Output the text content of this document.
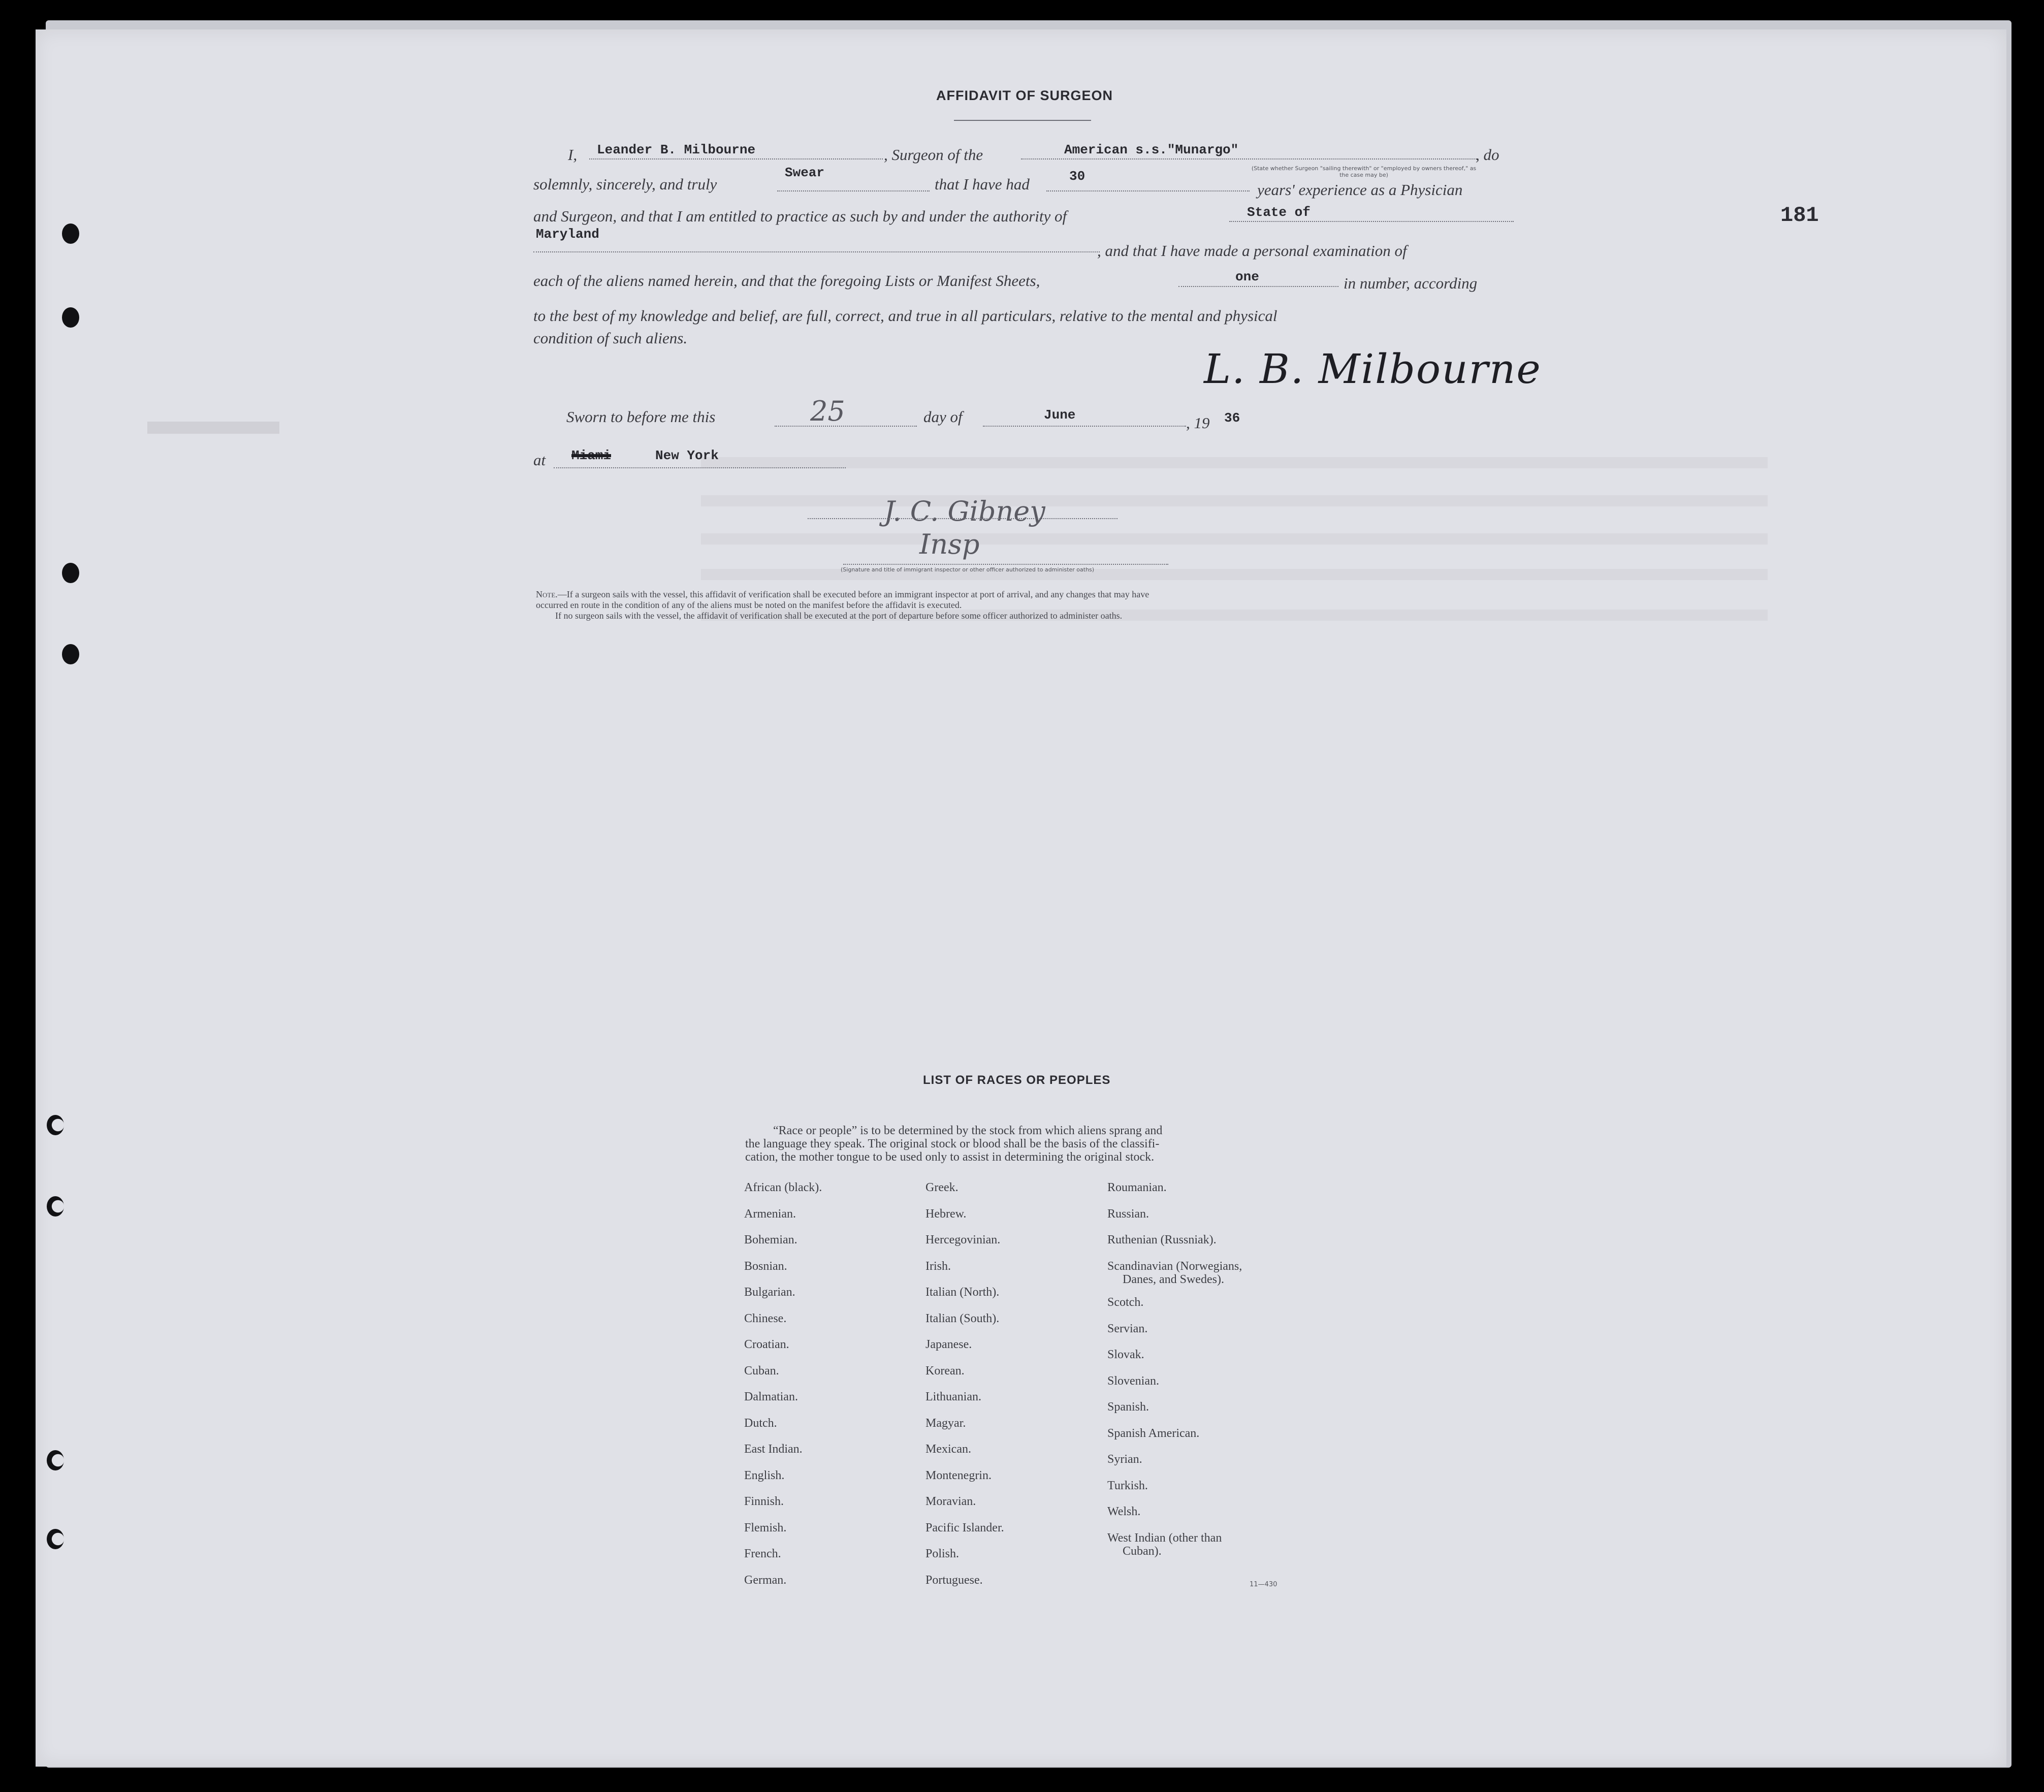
181
AFFIDAVIT OF SURGEON
I, Leander B. Milbourne	, Surgeon of the	American s.s."Munargo"	, do
(State whether Surgeon "sailing therewith" or "employed by owners thereof," as the case may be)
solemnly, sincerely, and truly
Swear
that I have had	30
years' experience as a Physician
and Surgeon, and that I am entitled to practice as such by and under the authority of	State of
Maryland
, and that I have made a personal examination of
each of the aliens named herein, and that the foregoing Lists or Manifest Sheets,	one	in number, according
to the best of my knowledge and belief, are full, correct, and true in all particulars, relative to the mental and physical
condition of such aliens.
L. B. Milbourne
Sworn to before me this	25	day of	June	, 19 36
at Miami	New York
J. C. Gibney
Insp
(Signature and title of immigrant inspector or other officer authorized to administer oaths)
Note.—If a surgeon sails with the vessel, this affidavit of verification shall be executed before an immigrant inspector at port of arrival, and any changes that may have
occurred en route in the condition of any of the aliens must be noted on the manifest before the affidavit is executed.
If no surgeon sails with the vessel, the affidavit of verification shall be executed at the port of departure before some officer authorized to administer oaths.
LIST OF RACES OR PEOPLES
“Race or people” is to be determined by the stock from which aliens sprang and
the language they speak. The original stock or blood shall be the basis of the classifi-
cation, the mother tongue to be used only to assist in determining the original stock.
African (black).
Armenian.
Bohemian.
Bosnian.
Bulgarian.
Chinese.
Croatian.
Cuban.
Dalmatian.
Dutch.
East Indian.
English.
Finnish.
Flemish.
French.
German.
Greek.
Hebrew.
Hercegovinian.
Irish.
Italian (North).
Italian (South).
Japanese.
Korean.
Lithuanian.
Magyar.
Mexican.
Montenegrin.
Moravian.
Pacific Islander.
Polish.
Portuguese.
Roumanian.
Russian.
Ruthenian (Russniak).
Scandinavian (Norwegians,
Danes, and Swedes).
Scotch.
Servian.
Slovak.
Slovenian.
Spanish.
Spanish American.
Syrian.
Turkish.
Welsh.
West Indian (other than
Cuban).
11—430
